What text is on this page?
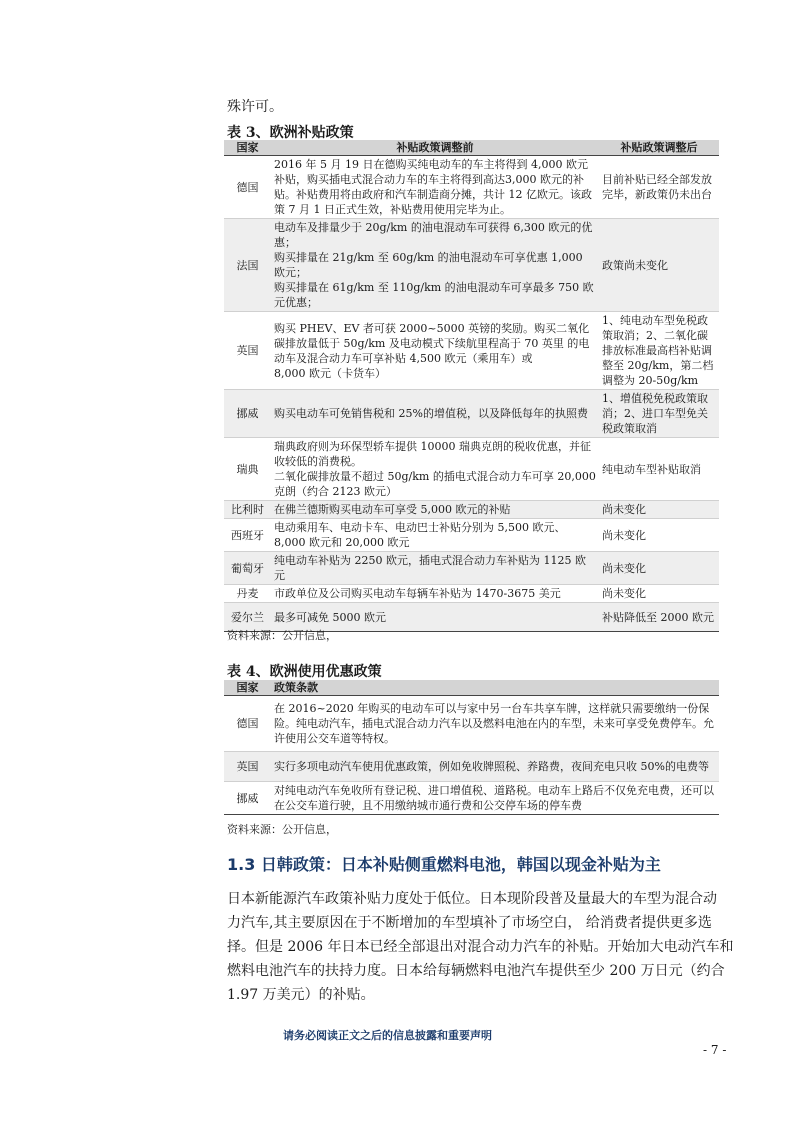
殊许可。
表 3、欧洲补贴政策
国家	补贴政策调整前	补贴政策调整后
德国	2016 年 5 月 19 日在德购买纯电动车的车主将得到 4,000 欧元补贴，购买插电式混合动力车的车主将得到高达3,000 欧元的补贴。补贴费用将由政府和汽车制造商分摊，共计 12 亿欧元。该政策 7 月 1 日正式生效，补贴费用使用完毕为止。	目前补贴已经全部发放完毕，新政策仍未出台

法国	电动车及排量少于 20g/km 的油电混动车可获得 6,300 欧元的优惠；
购买排量在 21g/km 至 60g/km 的油电混动车可享优惠 1,000 欧元；
购买排量在 61g/km 至 110g/km 的油电混动车可享最多 750 欧元优惠；	政策尚未变化

英国	购买 PHEV、EV 者可获 2000~5000 英镑的奖励。购买二氧化碳排放量低于 50g/km 及电动模式下续航里程高于 70 英里 的电动车及混合动力车可享补贴 4,500 欧元（乘用车）或
8,000 欧元（卡货车）	1、纯电动车型免税政策取消；2、二氧化碳排放标准最高档补贴调整至 20g/km，第二档调整为 20-50g/km

挪威	购买电动车可免销售税和 25%的增值税，以及降低每年的执照费	1、增值税免税政策取消；2、进口车型免关税政策取消

瑞典	瑞典政府则为环保型轿车提供 10000 瑞典克朗的税收优惠，并征收较低的消费税。
二氧化碳排放量不超过 50g/km 的插电式混合动力车可享 20,000 克朗（约合 2123 欧元）	纯电动车型补贴取消

比利时	在佛兰德斯购买电动车可享受 5,000 欧元的补贴	尚未变化

西班牙	电动乘用车、电动卡车、电动巴士补贴分别为 5,500 欧元、8,000 欧元和 20,000 欧元	尚未变化

葡萄牙	纯电动车补贴为 2250 欧元，插电式混合动力车补贴为 1125 欧元	尚未变化

丹麦	市政单位及公司购买电动车每辆车补贴为 1470-3675 美元	尚未变化

爱尔兰	最多可减免 5000 欧元	补贴降低至 2000 欧元
资料来源：公开信息，
表 4、欧洲使用优惠政策
国家	政策条款
德国	在 2016~2020 年购买的电动车可以与家中另一台车共享车牌，这样就只需要缴纳一份保险。纯电动汽车，插电式混合动力汽车以及燃料电池在内的车型，未来可享受免费停车。允许使用公交车道等特权。
英国	实行多项电动汽车使用优惠政策，例如免收牌照税、养路费，夜间充电只收 50%的电费等
挪威	对纯电动汽车免收所有登记税、进口增值税、道路税。电动车上路后不仅免充电费，还可以在公交车道行驶，且不用缴纳城市通行费和公交停车场的停车费
资料来源：公开信息，
1.3 日韩政策：日本补贴侧重燃料电池，韩国以现金补贴为主
日本新能源汽车政策补贴力度处于低位。日本现阶段普及量最大的车型为混合动
力汽车,其主要原因在于不断增加的车型填补了市场空白， 给消费者提供更多选
择。但是 2006 年日本已经全部退出对混合动力汽车的补贴。开始加大电动汽车和
燃料电池汽车的扶持力度。日本给每辆燃料电池汽车提供至少 200 万日元（约合
1.97 万美元）的补贴。
请务必阅读正文之后的信息披露和重要声明
- 7 -
